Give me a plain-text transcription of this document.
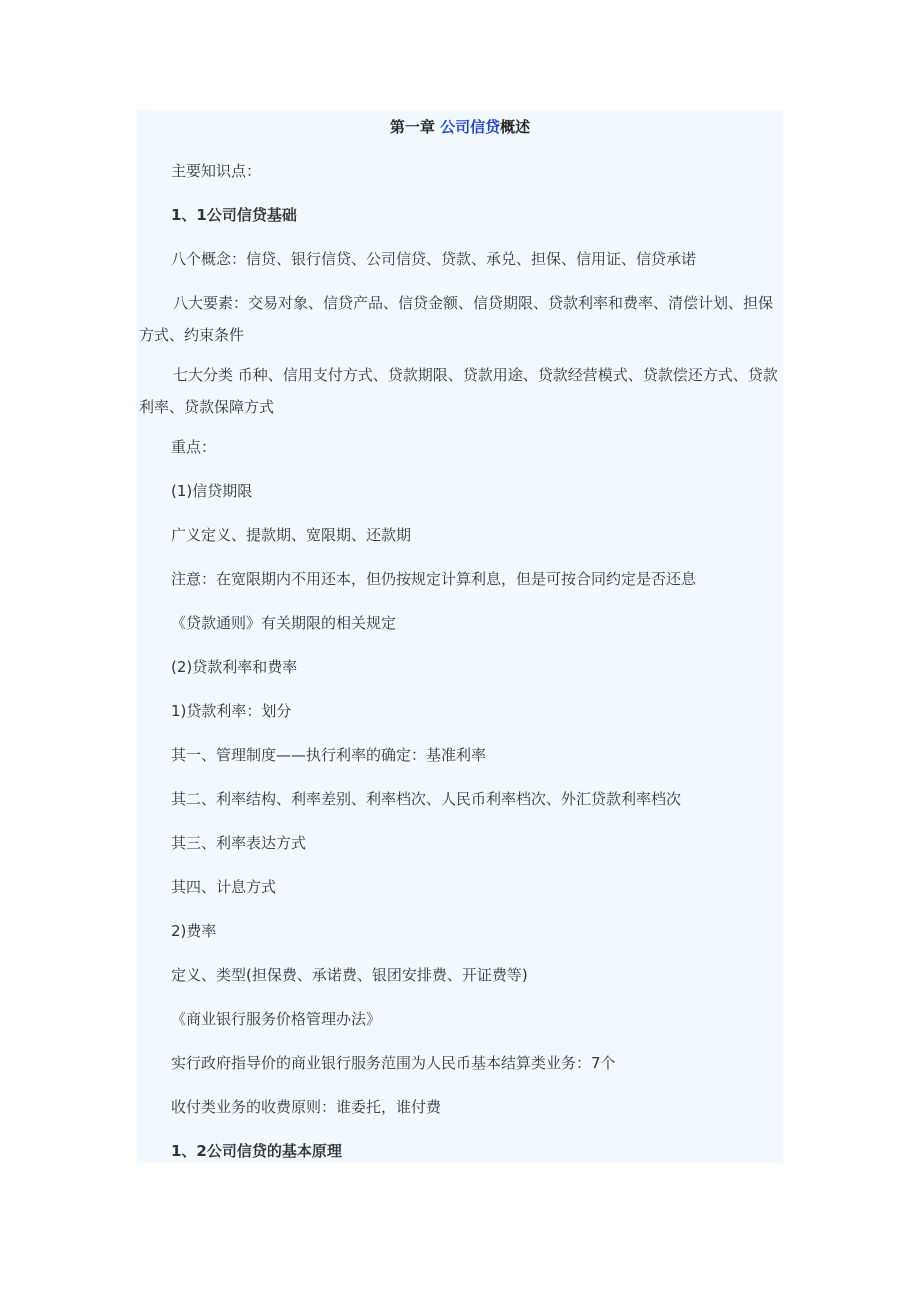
第一章 公司信贷概述
主要知识点：
1、1公司信贷基础
八个概念：信贷、银行信贷、公司信贷、贷款、承兑、担保、信用证、信贷承诺
八大要素：交易对象、信贷产品、信贷金额、信贷期限、贷款利率和费率、清偿计划、担保方式、约束条件
七大分类 币种、信用支付方式、贷款期限、贷款用途、贷款经营模式、贷款偿还方式、贷款利率、贷款保障方式
重点：
(1)信贷期限
广义定义、提款期、宽限期、还款期
注意：在宽限期内不用还本，但仍按规定计算利息，但是可按合同约定是否还息
《贷款通则》有关期限的相关规定
(2)贷款利率和费率
1)贷款利率：划分
其一、管理制度——执行利率的确定：基准利率
其二、利率结构、利率差别、利率档次、人民币利率档次、外汇贷款利率档次
其三、利率表达方式
其四、计息方式
2)费率
定义、类型(担保费、承诺费、银团安排费、开证费等)
《商业银行服务价格管理办法》
实行政府指导价的商业银行服务范围为人民币基本结算类业务：7个
收付类业务的收费原则：谁委托，谁付费
1、2公司信贷的基本原理
